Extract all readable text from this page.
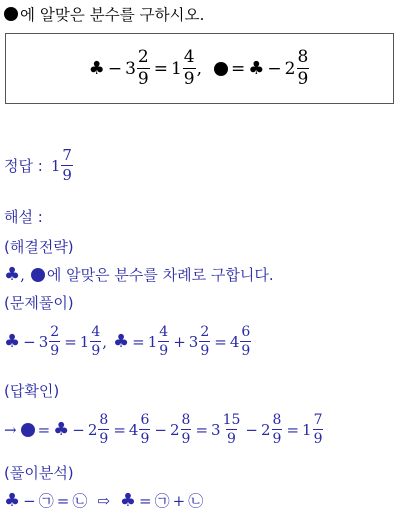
에 알맞은 분수를 구하시오.
♣ − $3 \frac{2}{9} = 1 \frac{4}{9}$ , = ♣ − $2 \frac{8}{9}$
정답 : $1 \frac{7}{9}$
해설 :
(해결전략)
♣ , 에 알맞은 분수를 차례로 구합니다.
(문제풀이)
♣ − $3 \frac{2}{9} = 1 \frac{4}{9}$ , ♣ = $1 \frac{4}{9} + 3 \frac{2}{9} = 4 \frac{6}{9}$
(답확인)
→ = ♣ − $2 \frac{8}{9} = 4 \frac{6}{9} - 2 \frac{8}{9} = 3 \frac{15}{9} - 2 \frac{8}{9} = 1 \frac{7}{9}$
(풀이분석)
♣ − ㉠ = ㉡ ⇨ ♣ = ㉠ + ㉡
